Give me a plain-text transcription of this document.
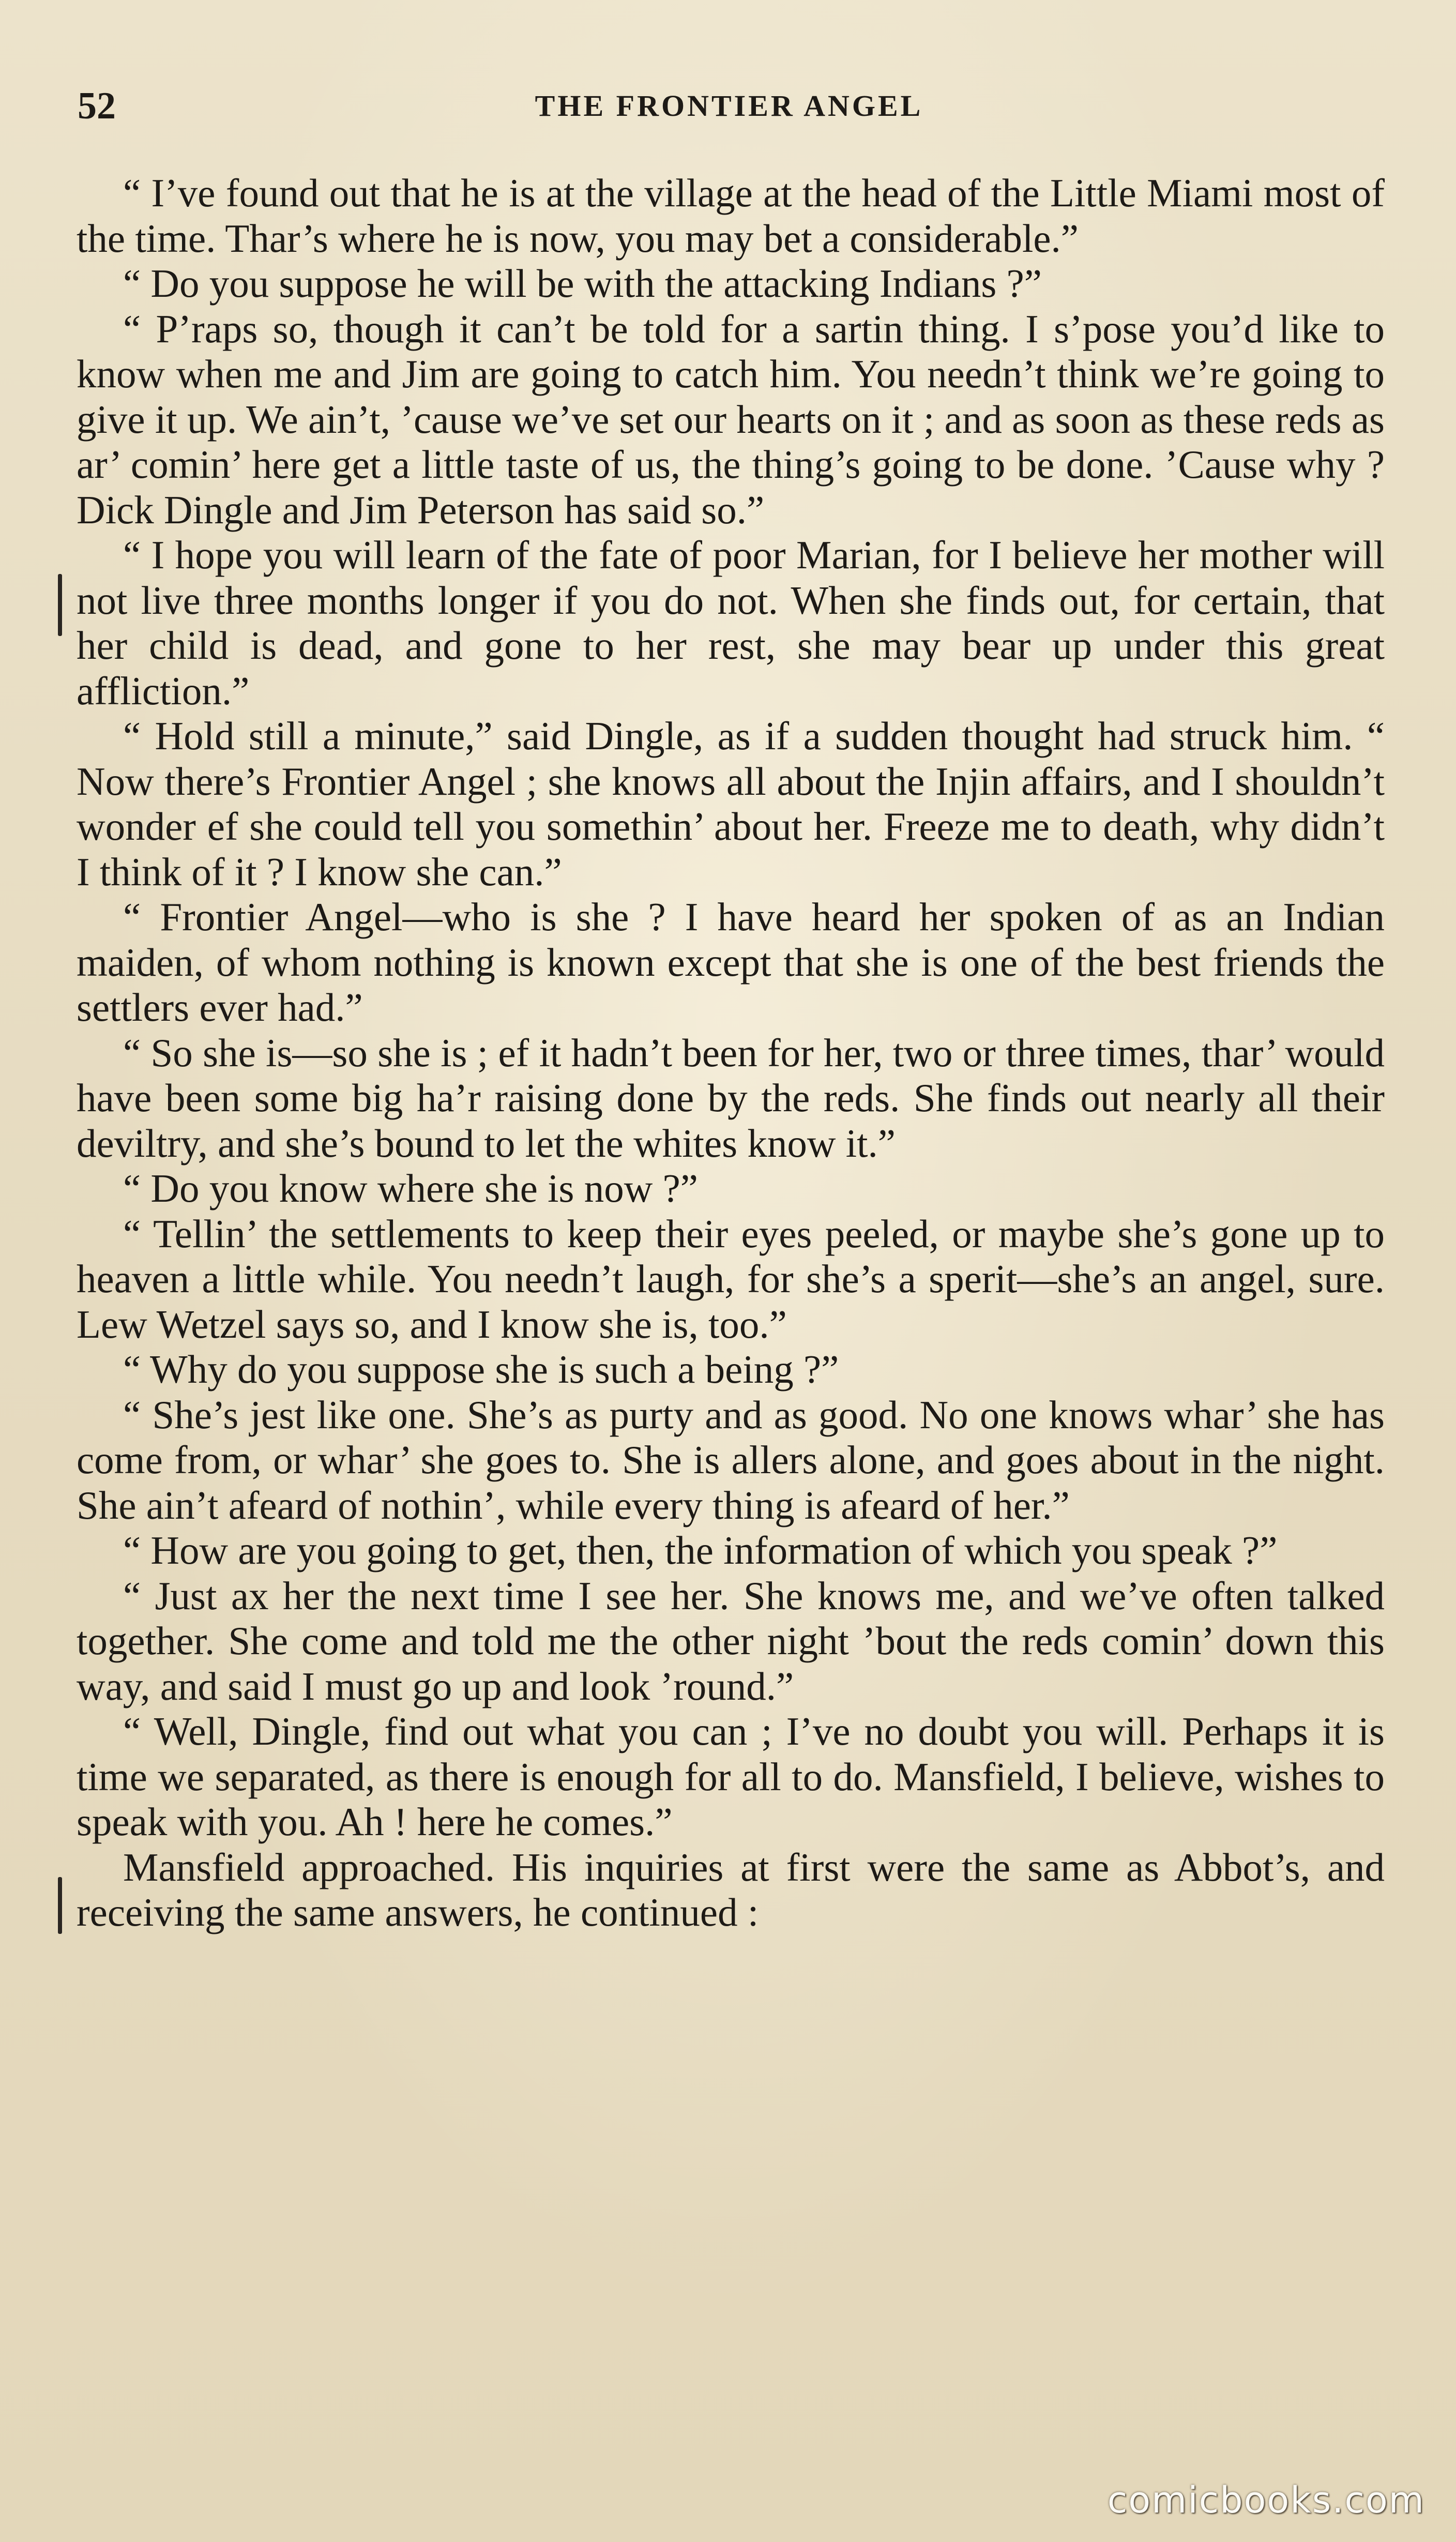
52	THE FRONTIER ANGEL

“ I’ve found out that he is at the village at the head of the Little Miami most of the time. Thar’s where he is now, you may bet a considerable.”

“ Do you suppose he will be with the attacking Indians ?”

“ P’raps so, though it can’t be told for a sartin thing. I s’pose you’d like to know when me and Jim are going to catch him. You needn’t think we’re going to give it up. We ain’t, ’cause we’ve set our hearts on it ; and as soon as these reds as ar’ comin’ here get a little taste of us, the thing’s going to be done. ’Cause why ? Dick Dingle and Jim Peterson has said so.”

“ I hope you will learn of the fate of poor Marian, for I believe her mother will not live three months longer if you do not. When she finds out, for certain, that her child is dead, and gone to her rest, she may bear up under this great affliction.”

“ Hold still a minute,” said Dingle, as if a sudden thought had struck him. “ Now there’s Frontier Angel ; she knows all about the Injin affairs, and I shouldn’t wonder ef she could tell you somethin’ about her. Freeze me to death, why didn’t I think of it ? I know she can.”

“ Frontier Angel—who is she ? I have heard her spoken of as an Indian maiden, of whom nothing is known except that she is one of the best friends the settlers ever had.”

“ So she is—so she is ; ef it hadn’t been for her, two or three times, thar’ would have been some big ha’r raising done by the reds. She finds out nearly all their deviltry, and she’s bound to let the whites know it.”

“ Do you know where she is now ?”

“ Tellin’ the settlements to keep their eyes peeled, or maybe she’s gone up to heaven a little while. You needn’t laugh, for she’s a sperit—she’s an angel, sure. Lew Wetzel says so, and I know she is, too.”

“ Why do you suppose she is such a being ?”

“ She’s jest like one. She’s as purty and as good. No one knows whar’ she has come from, or whar’ she goes to. She is allers alone, and goes about in the night. She ain’t afeard of nothin’, while every thing is afeard of her.”

“ How are you going to get, then, the information of which you speak ?”

“ Just ax her the next time I see her. She knows me, and we’ve often talked together. She come and told me the other night ’bout the reds comin’ down this way, and said I must go up and look ’round.”

“ Well, Dingle, find out what you can ; I’ve no doubt you will. Perhaps it is time we separated, as there is enough for all to do. Mansfield, I believe, wishes to speak with you. Ah ! here he comes.”

Mansfield approached. His inquiries at first were the same as Abbot’s, and receiving the same answers, he continued :

comicbooks.com
